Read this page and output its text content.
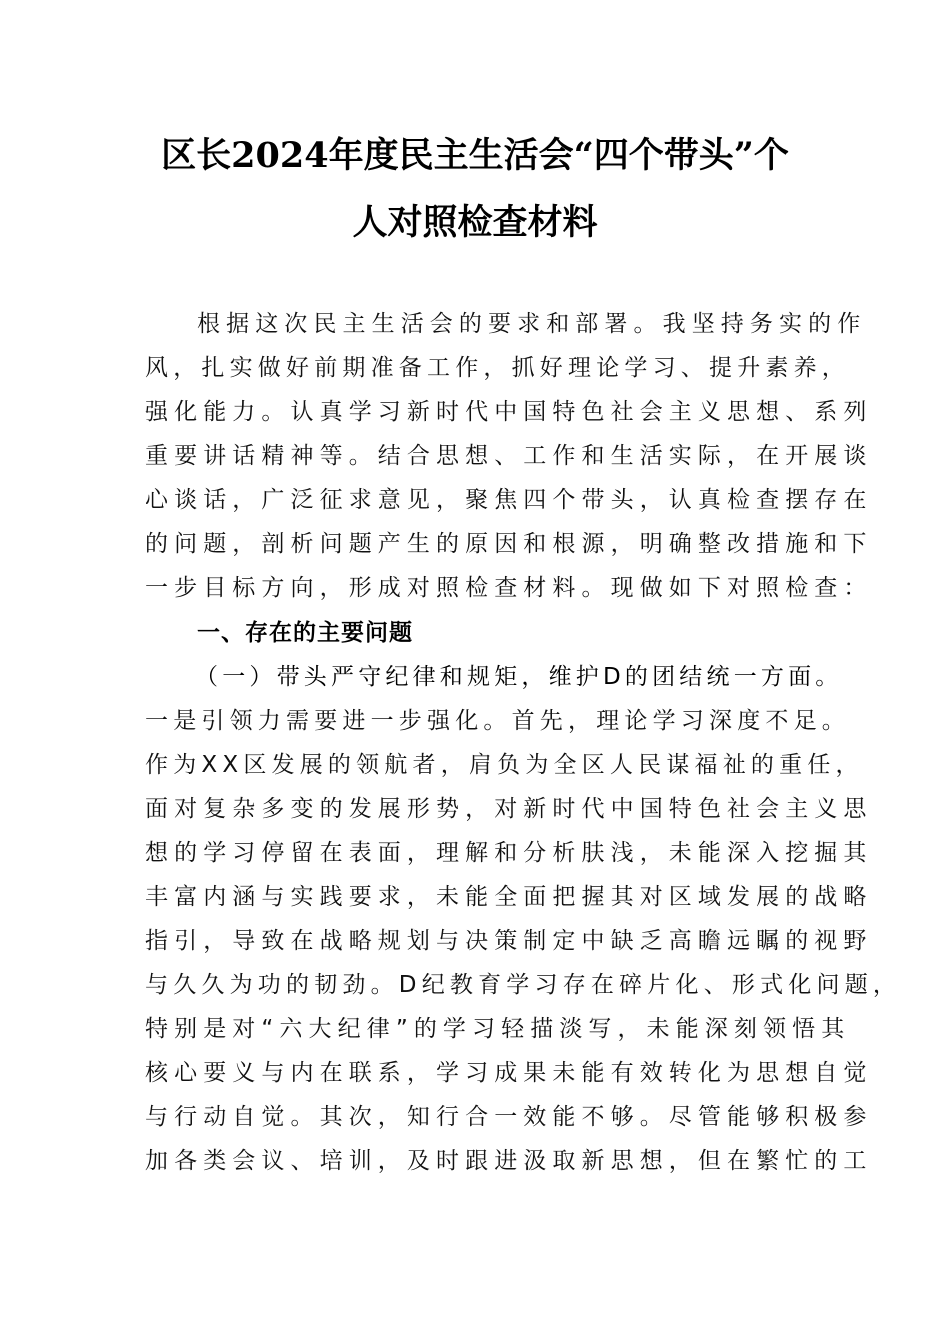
区长2024年度民主生活会“四个带头”个
人对照检查材料
根据这次民主生活会的要求和部署。我坚持务实的作
风，扎实做好前期准备工作，抓好理论学习、提升素养，
强化能力。认真学习新时代中国特色社会主义思想、系列
重要讲话精神等。结合思想、工作和生活实际，在开展谈
心谈话，广泛征求意见，聚焦四个带头，认真检查摆存在
的问题，剖析问题产生的原因和根源，明确整改措施和下
一步目标方向，形成对照检查材料。现做如下对照检查：
一、存在的主要问题
（一）带头严守纪律和规矩，维护D的团结统一方面。
一是引领力需要进一步强化。首先，理论学习深度不足。
作为XX区发展的领航者，肩负为全区人民谋福祉的重任，
面对复杂多变的发展形势，对新时代中国特色社会主义思
想的学习停留在表面，理解和分析肤浅，未能深入挖掘其
丰富内涵与实践要求，未能全面把握其对区域发展的战略
指引，导致在战略规划与决策制定中缺乏高瞻远瞩的视野
与久久为功的韧劲。D纪教育学习存在碎片化、形式化问题，
特别是对“六大纪律”的学习轻描淡写，未能深刻领悟其
核心要义与内在联系，学习成果未能有效转化为思想自觉
与行动自觉。其次，知行合一效能不够。尽管能够积极参
加各类会议、培训，及时跟进汲取新思想，但在繁忙的工
